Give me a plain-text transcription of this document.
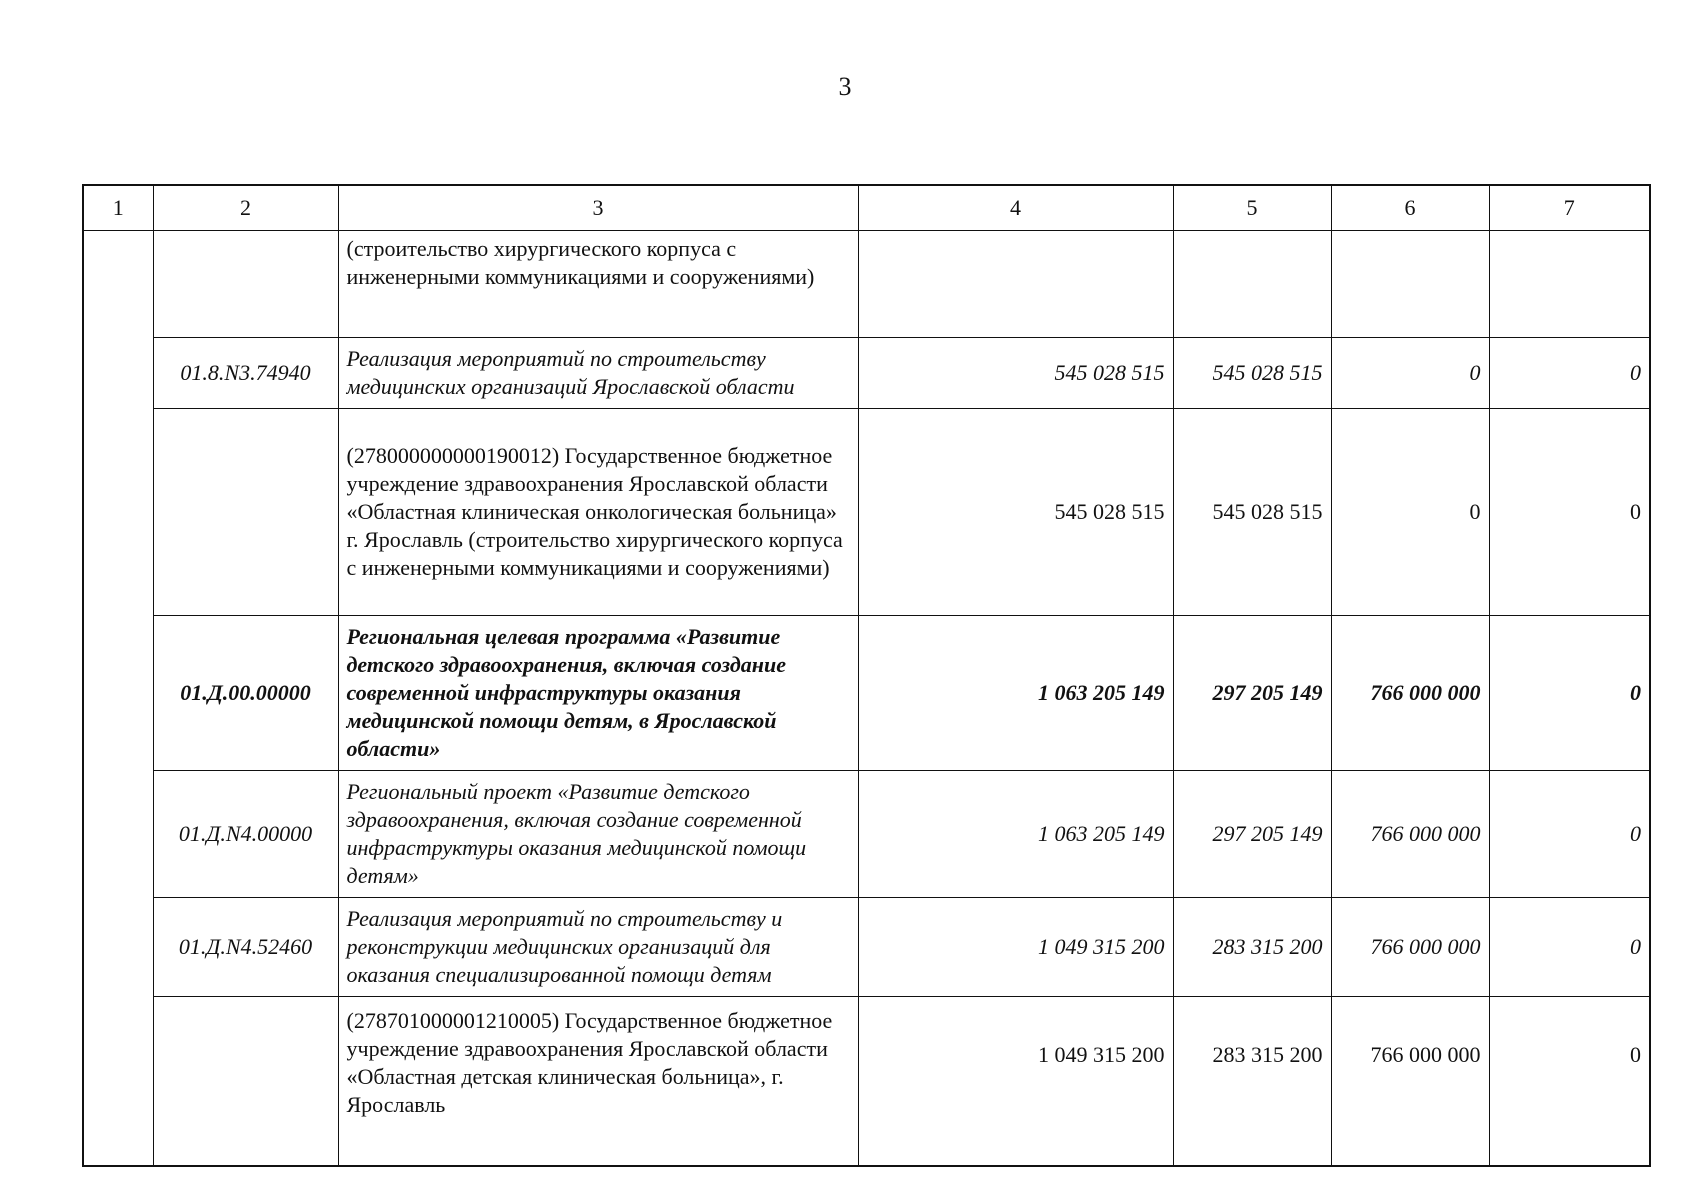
3
1	2	3	4	5	6	7
		(строительство хирургического корпуса с инженерными коммуникациями и сооружениями)				
	01.8.N3.74940	Реализация мероприятий по строительству медицинских организаций Ярославской области	545 028 515	545 028 515	0	0
		(278000000000190012) Государственное бюджетное учреждение здравоохранения Ярославской области «Областная клиническая онкологическая больница» г. Ярославль (строительство хирургического корпуса с инженерными коммуникациями и сооружениями)	545 028 515	545 028 515	0	0
	01.Д.00.00000	Региональная целевая программа «Развитие детского здравоохранения, включая создание современной инфраструктуры оказания медицинской помощи детям, в Ярославской области»	1 063 205 149	297 205 149	766 000 000	0
	01.Д.N4.00000	Региональный проект «Развитие детского здравоохранения, включая создание современной инфраструктуры оказания медицинской помощи детям»	1 063 205 149	297 205 149	766 000 000	0
	01.Д.N4.52460	Реализация мероприятий по строительству и реконструкции медицинских организаций для оказания специализированной помощи детям	1 049 315 200	283 315 200	766 000 000	0
		(278701000001210005) Государственное бюджетное учреждение здравоохранения Ярославской области «Областная детская клиническая больница», г. Ярославль	1 049 315 200	283 315 200	766 000 000	0
